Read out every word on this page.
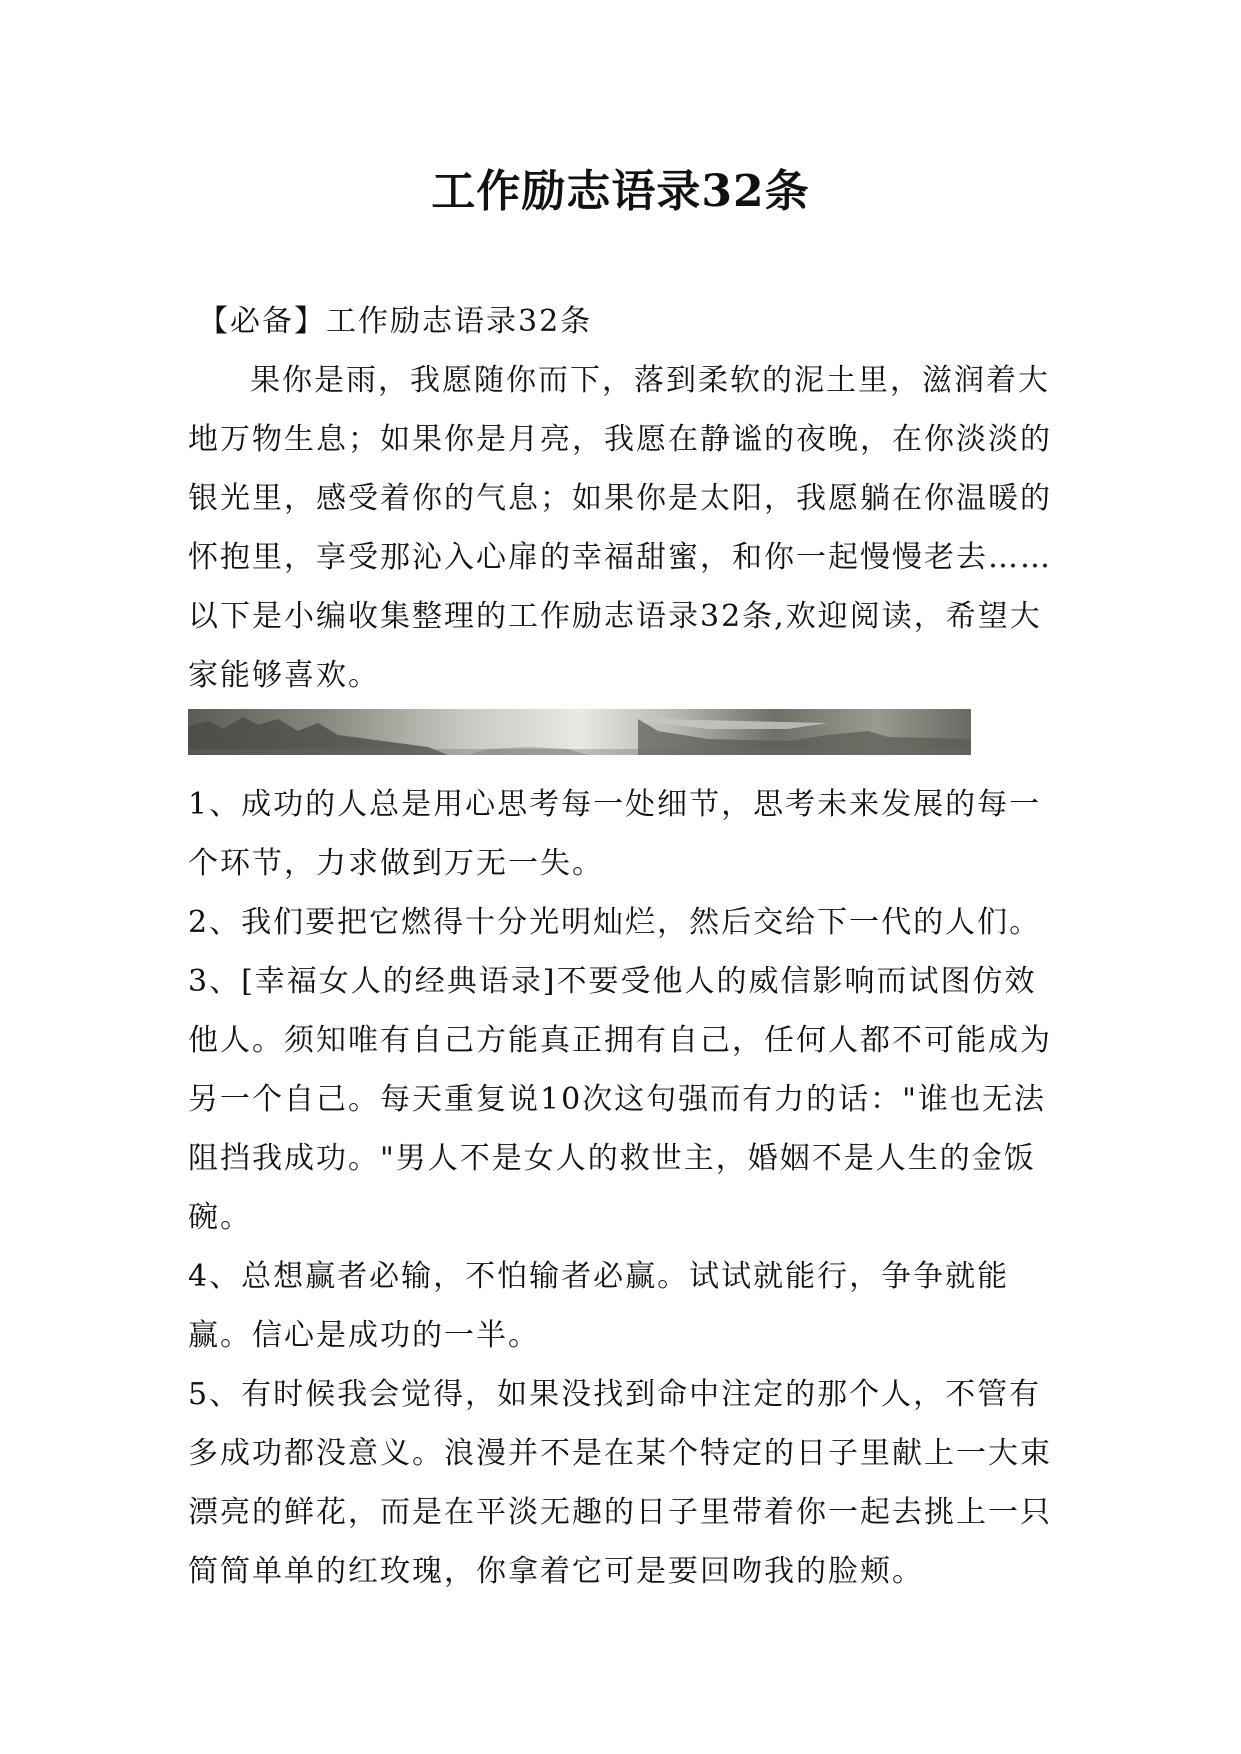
工作励志语录32条

【必备】工作励志语录32条

果你是雨，我愿随你而下，落到柔软的泥土里，滋润着大地万物生息；如果你是月亮，我愿在静谧的夜晚，在你淡淡的银光里，感受着你的气息；如果你是太阳，我愿躺在你温暖的怀抱里，享受那沁入心扉的幸福甜蜜，和你一起慢慢老去……以下是小编收集整理的工作励志语录32条,欢迎阅读，希望大家能够喜欢。

1、成功的人总是用心思考每一处细节，思考未来发展的每一个环节，力求做到万无一失。

2、我们要把它燃得十分光明灿烂，然后交给下一代的人们。

3、[幸福女人的经典语录]不要受他人的威信影响而试图仿效他人。须知唯有自己方能真正拥有自己，任何人都不可能成为另一个自己。每天重复说10次这句强而有力的话："谁也无法阻挡我成功。"男人不是女人的救世主，婚姻不是人生的金饭碗。

4、总想赢者必输，不怕输者必赢。试试就能行，争争就能赢。信心是成功的一半。

5、有时候我会觉得，如果没找到命中注定的那个人，不管有多成功都没意义。浪漫并不是在某个特定的日子里献上一大束漂亮的鲜花，而是在平淡无趣的日子里带着你一起去挑上一只简简单单的红玫瑰，你拿着它可是要回吻我的脸颊。
